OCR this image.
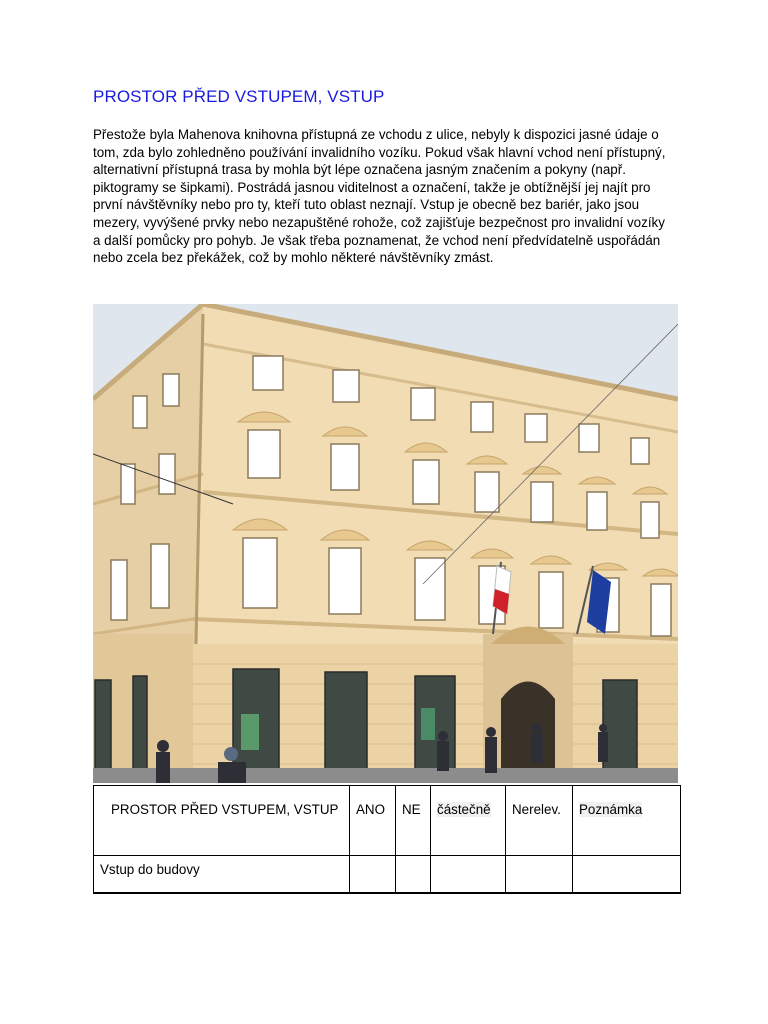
PROSTOR PŘED VSTUPEM, VSTUP

Přestože byla Mahenova knihovna přístupná ze vchodu z ulice, nebyly k dispozici jasné údaje o tom, zda bylo zohledněno používání invalidního vozíku. Pokud však hlavní vchod není přístupný, alternativní přístupná trasa by mohla být lépe označena jasným značením a pokyny (např. piktogramy se šipkami). Postrádá jasnou viditelnost a označení, takže je obtížnější jej najít pro první návštěvníky nebo pro ty, kteří tuto oblast neznají. Vstup je obecně bez bariér, jako jsou mezery, vyvýšené prvky nebo nezapuštěné rohože, což zajišťuje bezpečnost pro invalidní vozíky a další pomůcky pro pohyb. Je však třeba poznamenat, že vchod není předvídatelně uspořádán nebo zcela bez překážek, což by mohlo některé návštěvníky zmást.

PROSTOR PŘED VSTUPEM, VSTUP	ANO	NE	částečně	Nerelev.	Poznámka
Vstup do budovy					
